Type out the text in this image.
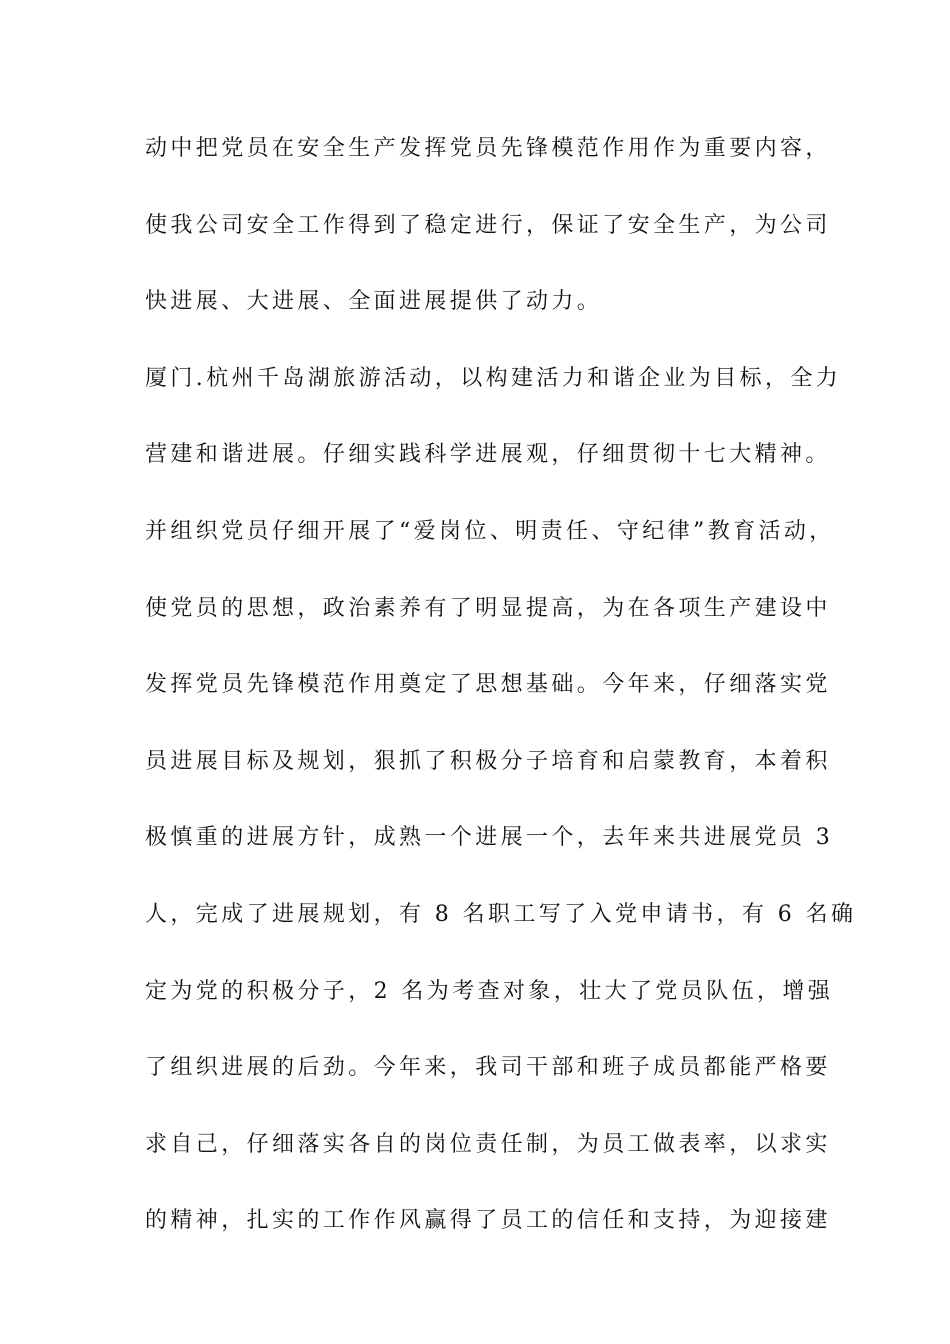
动中把党员在安全生产发挥党员先锋模范作用作为重要内容，
使我公司安全工作得到了稳定进行，保证了安全生产，为公司
快进展、大进展、全面进展提供了动力。
厦门.杭州千岛湖旅游活动，以构建活力和谐企业为目标，全力
营建和谐进展。仔细实践科学进展观，仔细贯彻十七大精神。
并组织党员仔细开展了“爱岗位、明责任、守纪律”教育活动，
使党员的思想，政治素养有了明显提高，为在各项生产建设中
发挥党员先锋模范作用奠定了思想基础。今年来，仔细落实党
员进展目标及规划，狠抓了积极分子培育和启蒙教育，本着积
极慎重的进展方针，成熟一个进展一个，去年来共进展党员 3
人，完成了进展规划，有 8 名职工写了入党申请书，有 6 名确
定为党的积极分子，2 名为考查对象，壮大了党员队伍，增强
了组织进展的后劲。今年来，我司干部和班子成员都能严格要
求自己，仔细落实各自的岗位责任制，为员工做表率，以求实
的精神，扎实的工作作风赢得了员工的信任和支持，为迎接建
